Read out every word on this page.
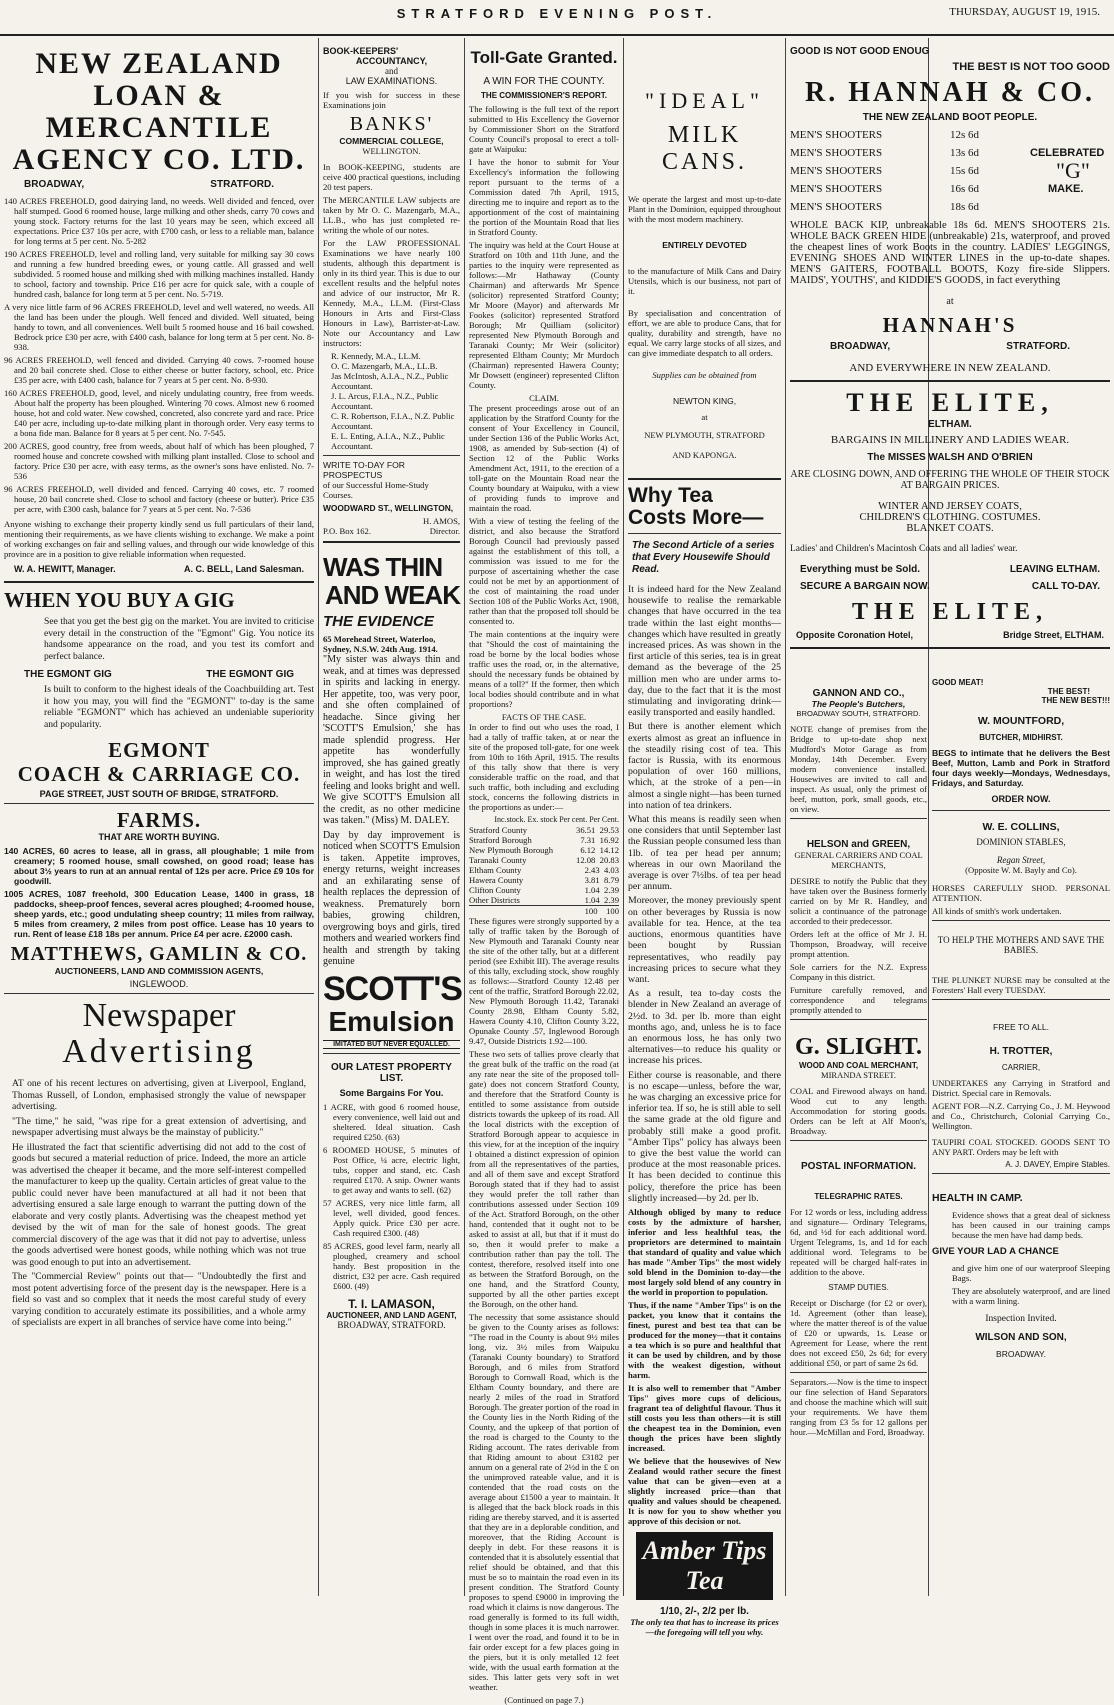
STRATFORD EVENING POST.	THURSDAY, AUGUST 19, 1915.
NEW ZEALAND
LOAN & MERCANTILE
AGENCY CO. LTD.
BROADWAY,	STRATFORD.

140 ACRES FREEHOLD, good dairying land, no weeds. Well divided and fenced, over half stumped. Good 6 roomed house, large milking and other sheds, carry 70 cows and young stock. Factory returns for the last 10 years may be seen, which exceed all expectations. Price £37 10s per acre, with £700 cash, or less to a reliable man, balance for long terms at 5 per cent. No. 5-282

190 ACRES FREEHOLD, level and rolling land, very suitable for milking say 30 cows and running a few hundred breeding ewes, or young cattle. All grassed and well subdivided. 5 roomed house and milking shed with milking machines installed. Handy to school, factory and township. Price £16 per acre for quick sale, with a couple of hundred cash, balance for long term at 5 per cent. No. 5-719.

A very nice little farm of 96 ACRES FREEHOLD, level and well watered, no weeds. All the land has been under the plough. Well fenced and divided. Well situated, being handy to town, and all conveniences. Well built 5 roomed house and 16 bail cowshed. Bedrock price £30 per acre, with £400 cash, balance for long term at 5 per cent. No. 8-938.

96 ACRES FREEHOLD, well fenced and divided. Carrying 40 cows. 7-roomed house and 20 bail concrete shed. Close to either cheese or butter factory, school, etc. Price £35 per acre, with £400 cash, balance for 7 years at 5 per cent. No. 8-930.

160 ACRES FREEHOLD, good, level, and nicely undulating country, free from weeds. About half the property has been ploughed. Wintering 70 cows. Almost new 6 roomed house, hot and cold water. New cowshed, concreted, also concrete yard and race. Price £40 per acre, including up-to-date milking plant in thorough order. Very easy terms to a bona fide man. Balance for 8 years at 5 per cent. No. 7-545.

200 ACRES, good country, free from weeds, about half of which has been ploughed, 7 roomed house and concrete cowshed with milking plant installed. Close to school and factory. Price £30 per acre, with easy terms, as the owner's sons have enlisted. No. 7-536

96 ACRES FREEHOLD, well divided and fenced. Carrying 40 cows, etc. 7 roomed house, 20 bail concrete shed. Close to school and factory (cheese or butter). Price £35 per acre, with £300 cash, balance for 7 years at 5 per cent. No. 7-536

Anyone wishing to exchange their property kindly send us full particulars of their land, mentioning their requirements, as we have clients wishing to exchange. We make a point of working exchanges on fair and selling values, and through our wide knowledge of this province are in a position to give reliable information when requested.

W. A. HEWITT, Manager.	A. C. BELL, Land Salesman.
WHEN YOU BUY A GIG

See that you get the best gig on the market. You are invited to criticise every detail in the construction of the "Egmont" Gig. You notice its handsome appearance on the road, and you test its comfort and perfect balance.

THE EGMONT GIG	THE EGMONT GIG

Is built to conform to the highest ideals of the Coachbuilding art. Test it how you may, you will find the "EGMONT" to-day is the same reliable "EGMONT" which has achieved an undeniable superiority and popularity.

EGMONT
COACH & CARRIAGE CO.
PAGE STREET, JUST SOUTH OF BRIDGE, STRATFORD.
FARMS.
THAT ARE WORTH BUYING.

140 ACRES, 60 acres to lease, all in grass, all ploughable; 1 mile from creamery; 5 roomed house, small cowshed, on good road; lease has about 3½ years to run at an annual rental of 12s per acre. Price £9 10s for goodwill.

1005 ACRES, 1087 freehold, 300 Education Lease, 1400 in grass, 18 paddocks, sheep-proof fences, several acres ploughed; 4-roomed house, sheep yards, etc.; good undulating sheep country; 11 miles from railway, 5 miles from creamery, 2 miles from post office. Lease has 10 years to run. Rent of lease £18 18s per annum. Price £4 per acre. £2000 cash.

MATTHEWS, GAMLIN & CO.
AUCTIONEERS, LAND AND COMMISSION AGENTS,
INGLEWOOD.
Newspaper
Advertising

AT one of his recent lectures on advertising, given at Liverpool, England, Thomas Russell, of London, emphasised strongly the value of newspaper advertising.

"The time," he said, "was ripe for a great extension of advertising, and newspaper advertising must always be the mainstay of publicity."

He illustrated the fact that scientific advertising did not add to the cost of goods but secured a material reduction of price. Indeed, the more an article was advertised the cheaper it became, and the more self-interest compelled the manufacturer to keep up the quality. Certain articles of great value to the public could never have been manufactured at all had it not been that advertising ensured a sale large enough to warrant the putting down of the elaborate and very costly plants. Advertising was the cheapest method yet devised by the wit of man for the sale of honest goods. The great commercial discovery of the age was that it did not pay to advertise, unless the goods advertised were honest goods, while nothing which was not true was good enough to put into an advertisement.

The "Commercial Review" points out that— "Undoubtedly the first and most potent advertising force of the present day is the newspaper. Here is a field so vast and so complex that it needs the most careful study of every varying condition to accurately estimate its possibilities, and a whole army of specialists are expert in all branches of service have come into being."

BOOK-KEEPERS'
ACCOUNTANCY,
and
LAW EXAMINATIONS.

If you wish for success in these Examinations join

BANKS'
COMMERCIAL COLLEGE,
WELLINGTON.

In BOOK-KEEPING, students are ceive 400 practical questions, including 20 test papers.

The MERCANTILE LAW subjects are taken by Mr O. C. Mazengarb, M.A., LL.B., who has just completed re-writing the whole of our notes.

For the LAW PROFESSIONAL Examinations we have nearly 100 students, although this department is only in its third year. This is due to our excellent results and the helpful notes and advice of our instructor, Mr R. Kennedy, M.A., LL.M. (First-Class Honours in Arts and First-Class Honours in Law), Barrister-at-Law. Note our Accountancy and Law instructors:

R. Kennedy, M.A., LL.M.
O. C. Mazengarb, M.A., LL.B.
Jas McIntosh, A.I.A., N.Z., Public Accountant.
J. L. Arcus, F.I.A., N.Z., Public Accountant.
C. R. Robertson, F.I.A., N.Z. Public Accountant.
E. L. Enting, A.I.A., N.Z., Public Accountant.
WRITE TO-DAY FOR PROSPECTUS
of our Successful Home-Study Courses.
WOODWARD ST., WELLINGTON,
H. AMOS,
P.O. Box 162.	Director.
WAS THIN
AND WEAK
THE EVIDENCE
65 Morehead Street, Waterloo, Sydney, N.S.W. 24th Aug. 1914.

"My sister was always thin and weak, and at times was depressed in spirits and lacking in energy. Her appetite, too, was very poor, and she often complained of headache. Since giving her 'SCOTT'S Emulsion,' she has made splendid progress. Her appetite has wonderfully improved, she has gained greatly in weight, and has lost the tired feeling and looks bright and well. We give SCOTT'S Emulsion all the credit, as no other medicine was taken." (Miss) M. DALEY.

Day by day improvement is noticed when SCOTT'S Emulsion is taken. Appetite improves, energy returns, weight increases and an exhilarating sense of health replaces the depression of weakness. Prematurely born babies, growing children, overgrowing boys and girls, tired mothers and wearied workers find health and strength by taking genuine

SCOTT'S
Emulsion
IMITATED BUT NEVER EQUALLED.
OUR LATEST PROPERTY LIST.
Some Bargains For You.

1 ACRE, with good 6 roomed house, every convenience, well laid out and sheltered. Ideal situation. Cash required £250. (63)

6 ROOMED HOUSE, 5 minutes of Post Office, ¼ acre, electric light, tubs, copper and stand, etc. Cash required £170. A snip. Owner wants to get away and wants to sell. (62)

57 ACRES, very nice little farm, all level, well divided, good fences. Apply quick. Price £30 per acre. Cash required £300. (48)

85 ACRES, good level farm, nearly all ploughed, creamery and school handy. Best proposition in the district, £32 per acre. Cash required £600. (49)

T. I. LAMASON,
AUCTIONEER, AND LAND AGENT,
BROADWAY, STRATFORD.
Toll-Gate Granted.
A WIN FOR THE COUNTY.
THE COMMISSIONER'S REPORT.

The following is the full text of the report submitted to His Excellency the Governor by Commissioner Short on the Stratford County Council's proposal to erect a toll-gate at Waipuku:

I have the honor to submit for Your Excellency's information the following report pursuant to the terms of a Commission dated 7th April, 1915, directing me to inquire and report as to the apportionment of the cost of maintaining the portion of the Mountain Road that lies in Stratford County.

The inquiry was held at the Court House at Stratford on 10th and 11th June, and the parties to the inquiry were represented as follows:—Mr Hathaway (County Chairman) and afterwards Mr Spence (solicitor) represented Stratford County; Mr Moore (Mayor) and afterwards Mr Fookes (solicitor) represented Stratford Borough; Mr Quilliam (solicitor) represented New Plymouth Borough and Taranaki County; Mr Weir (solicitor) represented Eltham County; Mr Murdoch (Chairman) represented Hawera County; Mr Dowsett (engineer) represented Clifton County.

CLAIM.

The present proceedings arose out of an application by the Stratford County for the consent of Your Excellency in Council, under Section 136 of the Public Works Act, 1908, as amended by Sub-section (4) of Section 12 of the Public Works Amendment Act, 1911, to the erection of a toll-gate on the Mountain Road near the County boundary at Waipuku, with a view of providing funds to improve and maintain the road.

With a view of testing the feeling of the district, and also because the Stratford Borough Council had previously passed against the establishment of this toll, a commission was issued to me for the purpose of ascertaining whether the case could not be met by an apportionment of the cost of maintaining the road under Section 108 of the Public Works Act, 1908, rather than that the proposed toll should be consented to.

The main contentions at the inquiry were that "Should the cost of maintaining the road be borne by the local bodies whose traffic uses the road, or, in the alternative, should the necessary funds be obtained by means of a toll?" If the former, then which local bodies should contribute and in what proportions?

FACTS OF THE CASE.

In order to find out who uses the road, I had a tally of traffic taken, at or near the site of the proposed toll-gate, for one week from 10th to 16th April, 1915. The results of this tally show that there is very considerable traffic on the road, and that such traffic, both including and excluding stock, concerns the following districts in the proportions as under:—

Inc.stock. Ex. stock Per cent. Per Cent.
Stratford County	36.51 29.53
Stratford Borough	7.31 16.92
New Plymouth Borough	6.12 14.12
Taranaki County	12.08 20.83
Eltham County	2.43 4.03
Hawera County	3.81 8.79
Clifton County	1.04 2.39
Other Districts	1.04 2.39
100 100

These figures were strongly supported by a tally of traffic taken by the Borough of New Plymouth and Taranaki County near the site of the other tally, but at a different period (see Exhibit III). The average results of this tally, excluding stock, show roughly as follows:—Stratford County 12.48 per cent of the traffic, Stratford Borough 22.02, New Plymouth Borough 11.42, Taranaki County 28.98, Eltham County 5.82, Hawera County 4.10, Clifton County 3.22, Opunake County .57, Inglewood Borough 9.47, Outside Districts 1.92—100.

These two sets of tallies prove clearly that the great bulk of the traffic on the road (at any rate near the site of the proposed toll-gate) does not concern Stratford County, and therefore that the Stratford County is entitled to some assistance from outside districts towards the upkeep of its road. All the local districts with the exception of Stratford Borough appear to acquiesce in this view, for at the inception of the inquiry I obtained a distinct expression of opinion from all the representatives of the parties, and all of them save and except Stratford Borough stated that if they had to assist they would prefer the toll rather than contributions assessed under Section 109 of the Act. Stratford Borough, on the other hand, contended that it ought not to be asked to assist at all, but that if it must do so, then it would prefer to make a contribution rather than pay the toll. The contest, therefore, resolved itself into one as between the Stratford Borough, on the one hand, and the Stratford County, supported by all the other parties except the Borough, on the other hand.

The necessity that some assistance should be given to the County arises as follows: "The road in the County is about 9½ miles long, viz. 3½ miles from Waipuku (Taranaki County boundary) to Stratford Borough, and 6 miles from Stratford Borough to Cornwall Road, which is the Eltham County boundary, and there are nearly 2 miles of the road in Stratford Borough. The greater portion of the road in the County lies in the North Riding of the County, and the upkeep of that portion of the road is charged to the County to the Riding account. The rates derivable from that Riding amount to about £3182 per annum on a general rate of 2½d in the £ on the unimproved rateable value, and it is contended that the road costs on the average about £1500 a year to maintain. It is alleged that the back block roads in this riding are thereby starved, and it is asserted that they are in a deplorable condition, and moreover, that the Riding Account is deeply in debt. For these reasons it is contended that it is absolutely essential that relief should be obtained, and that this must be so to maintain the road even in its present condition. The Stratford County proposes to spend £9000 in improving the road which it claims is now dangerous. The road generally is formed to its full width, though in some places it is much narrower. I went over the road, and found it to be in fair order except for a few places going in the piers, but it is only metalled 12 feet wide, with the usual earth formation at the sides. This latter gets very soft in wet weather.

(Continued on page 7.)
"IDEAL"
MILK CANS.

We operate the largest and most up-to-date Plant in the Dominion, equipped throughout with the most modern machinery.

ENTIRELY DEVOTED

to the manufacture of Milk Cans and Dairy Utensils, which is our business, not part of it.

By specialisation and concentration of effort, we are able to produce Cans, that for quality, durability and strength, have no equal. We carry large stocks of all sizes, and can give immediate despatch to all orders.

Supplies can be obtained from
NEWTON KING,
at
NEW PLYMOUTH, STRATFORD
AND KAPONGA.
Why Tea
Costs More—
The Second Article of a series that Every Housewife Should Read.

It is indeed hard for the New Zealand housewife to realise the remarkable changes that have occurred in the tea trade within the last eight months—changes which have resulted in greatly increased prices. As was shown in the first article of this series, tea is in great demand as the beverage of the 25 million men who are under arms to-day, due to the fact that it is the most stimulating and invigorating drink—easily transported and easily handled.

But there is another element which exerts almost as great an influence in the steadily rising cost of tea. This factor is Russia, with its enormous population of over 160 millions, which, at the stroke of a pen—in almost a single night—has been turned into nation of tea drinkers.

What this means is readily seen when one considers that until September last the Russian people consumed less than 1lb. of tea per head per annum; whereas in our own Maoriland the average is over 7½lbs. of tea per head per annum.

Moreover, the money previously spent on other beverages by Russia is now available for tea. Hence, at the tea auctions, enormous quantities have been bought by Russian representatives, who readily pay increasing prices to secure what they want.

As a result, tea to-day costs the blender in New Zealand an average of 2½d. to 3d. per lb. more than eight months ago, and, unless he is to face an enormous loss, he has only two alternatives—to reduce his quality or increase his prices.

Either course is reasonable, and there is no escape—unless, before the war, he was charging an excessive price for inferior tea. If so, he is still able to sell the same grade at the old figure and probably still make a good profit. "Amber Tips" policy has always been to give the best value the world can produce at the most reasonable prices. It has been decided to continue this policy, therefore the price has been slightly increased—by 2d. per lb.

Although obliged by many to reduce costs by the admixture of harsher, inferior and less healthful teas, the proprietors are determined to maintain that standard of quality and value which has made "Amber Tips" the most widely sold blend in the Dominion to-day—the most largely sold blend of any country in the world in proportion to population.

Thus, if the name "Amber Tips" is on the packet, you know that it contains the finest, purest and best tea that can be produced for the money—that it contains a tea which is so pure and healthful that it can be used by children, and by those with the weakest digestion, without harm.

It is also well to remember that "Amber Tips" gives more cups of delicious, fragrant tea of delightful flavour. Thus it still costs you less than others—it is still the cheapest tea in the Dominion, even though the prices have been slightly increased.

We believe that the housewives of New Zealand would rather secure the finest value that can be given—even at a slightly increased price—than that quality and values should be cheapened. It is now for you to show whether you approve of this decision or not.

Amber Tips Tea
1/10, 2/-, 2/2 per lb.
The only tea that has to increase its prices—the foregoing will tell you why.
GOOD IS NOT GOOD ENOUG
THE BEST IS NOT TOO GOOD
R. HANNAH & CO.
THE NEW ZEALAND BOOT PEOPLE.
MEN'S SHOOTERS	12s 6d
MEN'S SHOOTERS	13s 6d	CELEBRATED
MEN'S SHOOTERS	15s 6d	"G"
MEN'S SHOOTERS	16s 6d	MAKE.
MEN'S SHOOTERS	18s 6d

WHOLE BACK KIP, unbreakable 18s 6d. MEN'S SHOOTERS 21s. WHOLE BACK GREEN HIDE (unbreakable) 21s, waterproof, and proved the cheapest lines of work Boots in the country. LADIES' LEGGINGS, EVENING SHOES AND WINTER LINES in the up-to-date shapes. MEN'S GAITERS, FOOTBALL BOOTS, Kozy fire-side Slippers. MAIDS', YOUTHS', and KIDDIE'S GOODS, in fact everything

at
HANNAH'S
BROADWAY,	STRATFORD.
AND EVERYWHERE IN NEW ZEALAND.
THE ELITE,
ELTHAM.
BARGAINS IN MILLINERY AND LADIES WEAR.
The MISSES WALSH AND O'BRIEN
ARE CLOSING DOWN, AND OFFERING THE WHOLE OF THEIR STOCK AT BARGAIN PRICES.
WINTER AND JERSEY COATS, CHILDREN'S CLOTHING. COSTUMES. BLANKET COATS.
Ladies' and Children's Macintosh Coats and all ladies' wear.
Everything must be Sold.	LEAVING ELTHAM.
SECURE A BARGAIN NOW.	CALL TO-DAY.
THE ELITE,
Opposite Coronation Hotel,	Bridge Street, ELTHAM.
GANNON AND CO.,
The People's Butchers,
BROADWAY SOUTH, STRATFORD.

NOTE change of premises from the Bridge to up-to-date shop next Mudford's Motor Garage as from Monday, 14th December. Every modern convenience installed. Housewives are invited to call and inspect. As usual, only the primest of beef, mutton, pork, small goods, etc., on view.

HELSON and GREEN,
GENERAL CARRIERS AND COAL MERCHANTS,

DESIRE to notify the Public that they have taken over the Business formerly carried on by Mr R. Handley, and solicit a continuance of the patronage accorded to their predecessor.

Orders left at the office of Mr J. H. Thompson, Broadway, will receive prompt attention.

Sole carriers for the N.Z. Express Company in this district.

Furniture carefully removed, and correspondence and telegrams promptly attended to

G. SLIGHT.
WOOD AND COAL MERCHANT,
MIRANDA STREET.

COAL and Firewood always on hand. Wood cut to any length. Accommodation for storing goods. Orders can be left at Alf Moon's, Broadway.

POSTAL INFORMATION.
TELEGRAPHIC RATES.

For 12 words or less, including address and signature— Ordinary Telegrams, 6d, and ½d for each additional word. Urgent Telegrams, 1s, and 1d for each additional word. Telegrams to be repeated will be charged half-rates in addition to the above.

STAMP DUTIES.

Receipt or Discharge (for £2 or over), 1d. Agreement (other than lease), where the matter thereof is of the value of £20 or upwards, 1s. Lease or Agreement for Lease, where the rent does not exceed £50, 2s 6d; for every additional £50, or part of same 2s 6d.

Separators.—Now is the time to inspect our fine selection of Hand Separators and choose the machine which will suit your requirements. We have them ranging from £3 5s for 12 gallons per hour.—McMillan and Ford, Broadway.

GOOD MEAT!
THE BEST!
THE NEW BEST!!!
W. MOUNTFORD,
BUTCHER, MIDHIRST.

BEGS to intimate that he delivers the Best Beef, Mutton, Lamb and Pork in Stratford four days weekly—Mondays, Wednesdays, Fridays, and Saturday.

ORDER NOW.
W. E. COLLINS,
DOMINION STABLES,
Regan Street,
(Opposite W. M. Bayly and Co).

HORSES CAREFULLY SHOD. PERSONAL ATTENTION.

All kinds of smith's work undertaken.

TO HELP THE MOTHERS AND SAVE THE BABIES.

THE PLUNKET NURSE may be consulted at the Foresters' Hall every TUESDAY.

FREE TO ALL.
H. TROTTER,
CARRIER,

UNDERTAKES any Carrying in Stratford and District. Special care in Removals.

AGENT FOR—N.Z. Carrying Co., J. M. Heywood and Co., Christchurch, Colonial Carrying Co., Wellington.

TAUPIRI COAL STOCKED. GOODS SENT TO ANY PART. Orders may be left with

A. J. DAVEY, Empire Stables.
HEALTH IN CAMP.

Evidence shows that a great deal of sickness has been caused in our training camps because the men have had damp beds.

GIVE YOUR LAD A CHANCE

and give him one of our waterproof Sleeping Bags.

They are absolutely waterproof, and are lined with a warm lining.

Inspection Invited.
WILSON AND SON,
BROADWAY.
